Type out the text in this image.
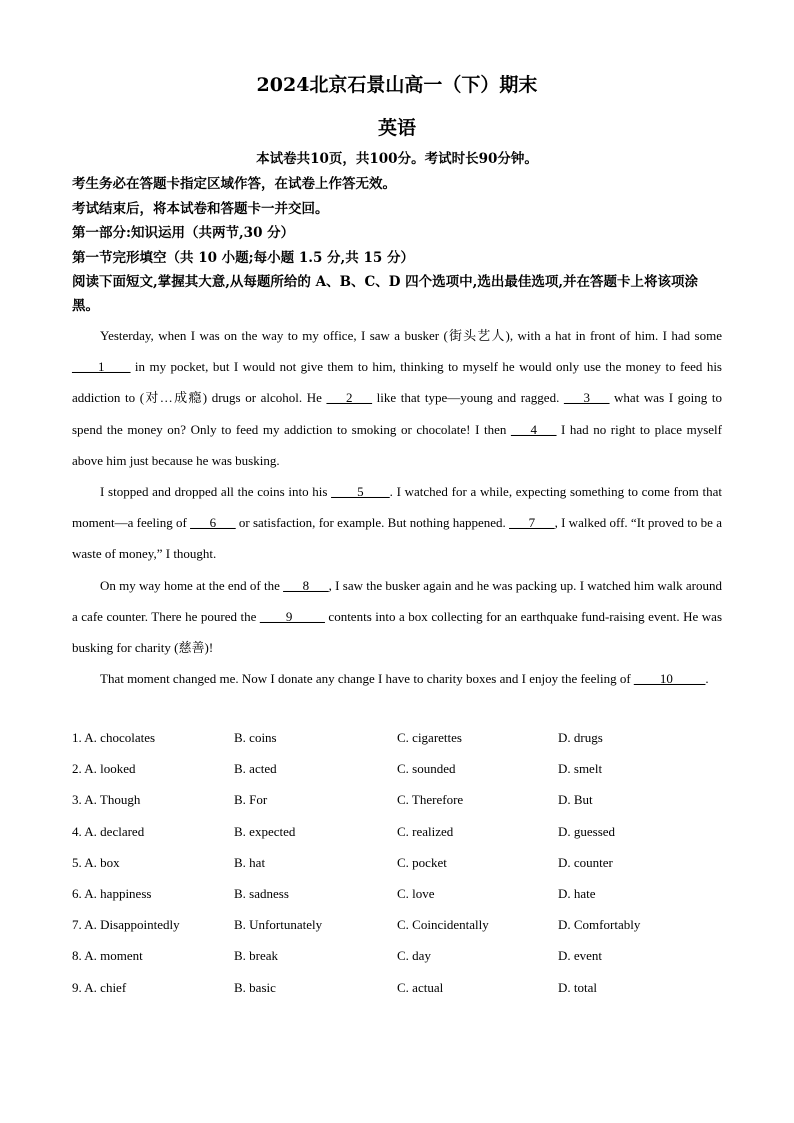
2024北京石景山高一（下）期末
英语
本试卷共10页，共100分。考试时长90分钟。
考生务必在答题卡指定区域作答，在试卷上作答无效。
考试结束后，将本试卷和答题卡一并交回。
第一部分:知识运用（共两节,30 分）
第一节完形填空（共 10 小题;每小题 1.5 分,共 15 分）
阅读下面短文,掌握其大意,从每题所给的 A、B、C、D 四个选项中,选出最佳选项,并在答题卡上将该项涂黑。

Yesterday, when I was on the way to my office, I saw a busker (街头艺人), with a hat in front of him. I had some ____1____ in my pocket, but I would not give them to him, thinking to myself he would only use the money to feed his addiction to (对…成瘾) drugs or alcohol. He ___2___ like that type—young and ragged. ___3___ what was I going to spend the money on? Only to feed my addiction to smoking or chocolate! I then ___4___ I had no right to place myself above him just because he was busking.

I stopped and dropped all the coins into his ____5____. I watched for a while, expecting something to come from that moment—a feeling of ___6___ or satisfaction, for example. But nothing happened. ___7___, I walked off. “It proved to be a waste of money,” I thought.

On my way home at the end of the ___8___, I saw the busker again and he was packing up. I watched him walk around a cafe counter. There he poured the ____9_____ contents into a box collecting for an earthquake fund-raising event. He was busking for charity (慈善)!

That moment changed me. Now I donate any change I have to charity boxes and I enjoy the feeling of ____10_____.

1. A. chocolates	B. coins	C. cigarettes	D. drugs
2. A. looked	B. acted	C. sounded	D. smelt
3. A. Though	B. For	C. Therefore	D. But
4. A. declared	B. expected	C. realized	D. guessed
5. A. box	B. hat	C. pocket	D. counter
6. A. happiness	B. sadness	C. love	D. hate
7. A. Disappointedly	B. Unfortunately	C. Coincidentally	D. Comfortably
8. A. moment	B. break	C. day	D. event
9. A. chief	B. basic	C. actual	D. total
